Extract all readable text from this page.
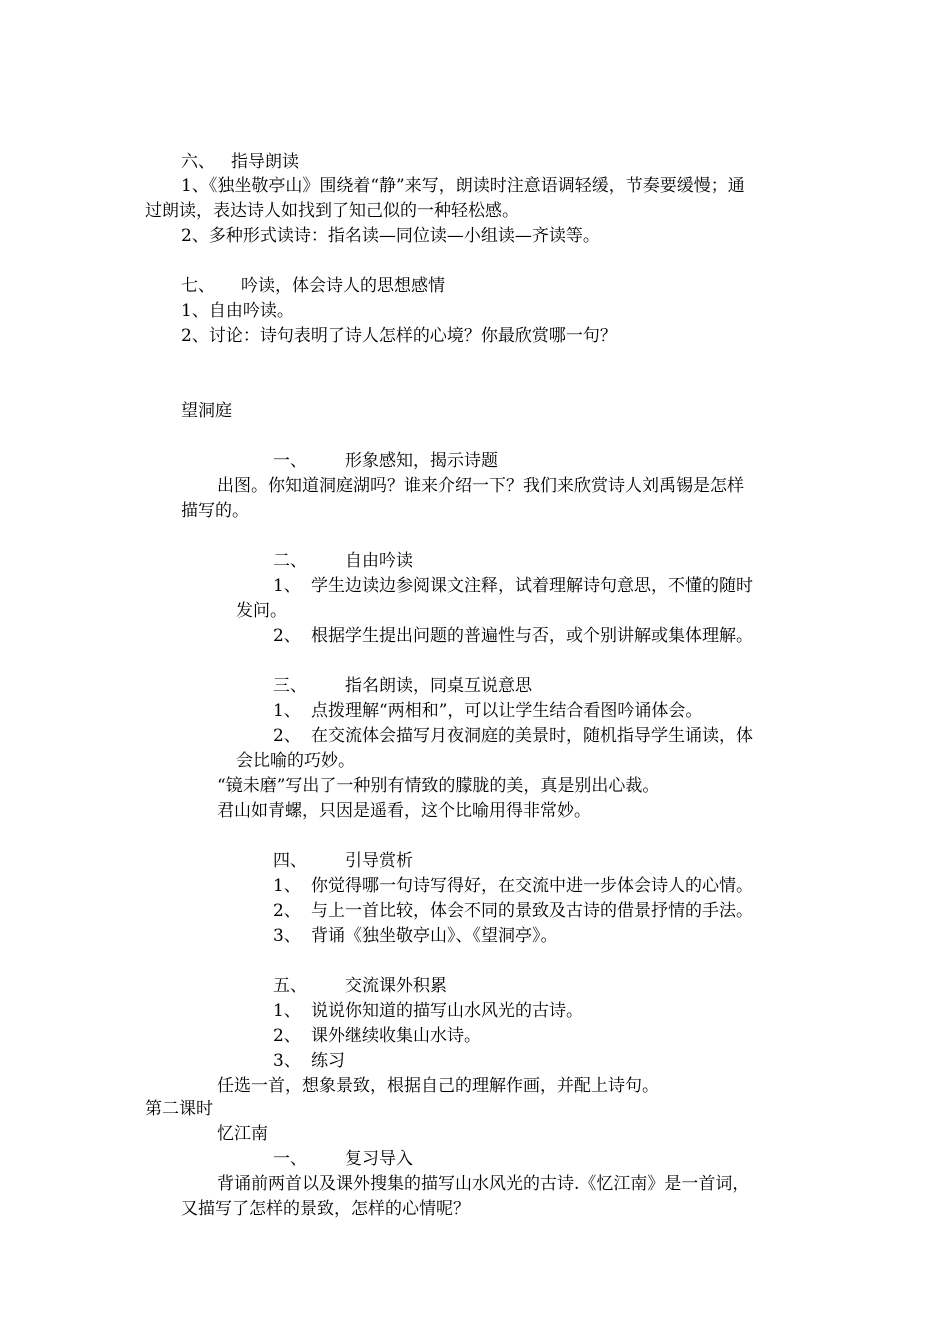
六、 指导朗读
1、《独坐敬亭山》围绕着“静”来写，朗读时注意语调轻缓，节奏要缓慢；通
过朗读，表达诗人如找到了知己似的一种轻松感。
2、多种形式读诗：指名读—同位读—小组读—齐读等。
七、 吟读，体会诗人的思想感情
1、自由吟读。
2、讨论：诗句表明了诗人怎样的心境？你最欣赏哪一句？
望洞庭
一、 形象感知，揭示诗题
出图。你知道洞庭湖吗？谁来介绍一下？我们来欣赏诗人刘禹锡是怎样
描写的。
二、 自由吟读
1、 学生边读边参阅课文注释，试着理解诗句意思，不懂的随时
发问。
2、 根据学生提出问题的普遍性与否，或个别讲解或集体理解。
三、 指名朗读，同桌互说意思
1、 点拨理解“两相和”，可以让学生结合看图吟诵体会。
2、 在交流体会描写月夜洞庭的美景时，随机指导学生诵读，体
会比喻的巧妙。
“镜未磨”写出了一种别有情致的朦胧的美，真是别出心裁。
君山如青螺，只因是遥看，这个比喻用得非常妙。
四、 引导赏析
1、 你觉得哪一句诗写得好，在交流中进一步体会诗人的心情。
2、 与上一首比较，体会不同的景致及古诗的借景抒情的手法。
3、 背诵《独坐敬亭山》、《望洞亭》。
五、 交流课外积累
1、 说说你知道的描写山水风光的古诗。
2、 课外继续收集山水诗。
3、 练习
任选一首，想象景致，根据自己的理解作画，并配上诗句。
第二课时
忆江南
一、 复习导入
背诵前两首以及课外搜集的描写山水风光的古诗.《忆江南》是一首词，
又描写了怎样的景致，怎样的心情呢？
